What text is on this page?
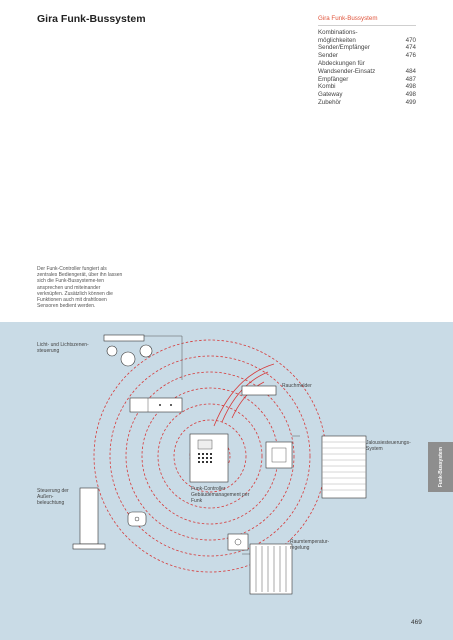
Gira Funk-Bussystem	Gira Funk-Bussystem
Kombinations-möglichkeiten	470
Sender/Empfänger	474
Sender	476
Abdeckungen für Wandsender-Einsatz	484
Empfänger	487
Kombi	498
Gateway	498
Zubehör	499
Der Funk-Controller fungiert als zentrales Bediengerät, über ihn lassen sich die Funk-Bussysteme-ten ansprechen und miteinander verknüpfen. Zusätzlich können die Funktionen auch mit drahtlosen Sensoren bedient werden.
Licht- und Lichtszenen-steuerung
Rauchmelder
Jalousiesteuerungs-System
Steuerung der Außen-beleuchtung
Funk-Controller Gebäudemanagement per Funk
Raumtemperatur-regelung
Funk-Bussystem
469
